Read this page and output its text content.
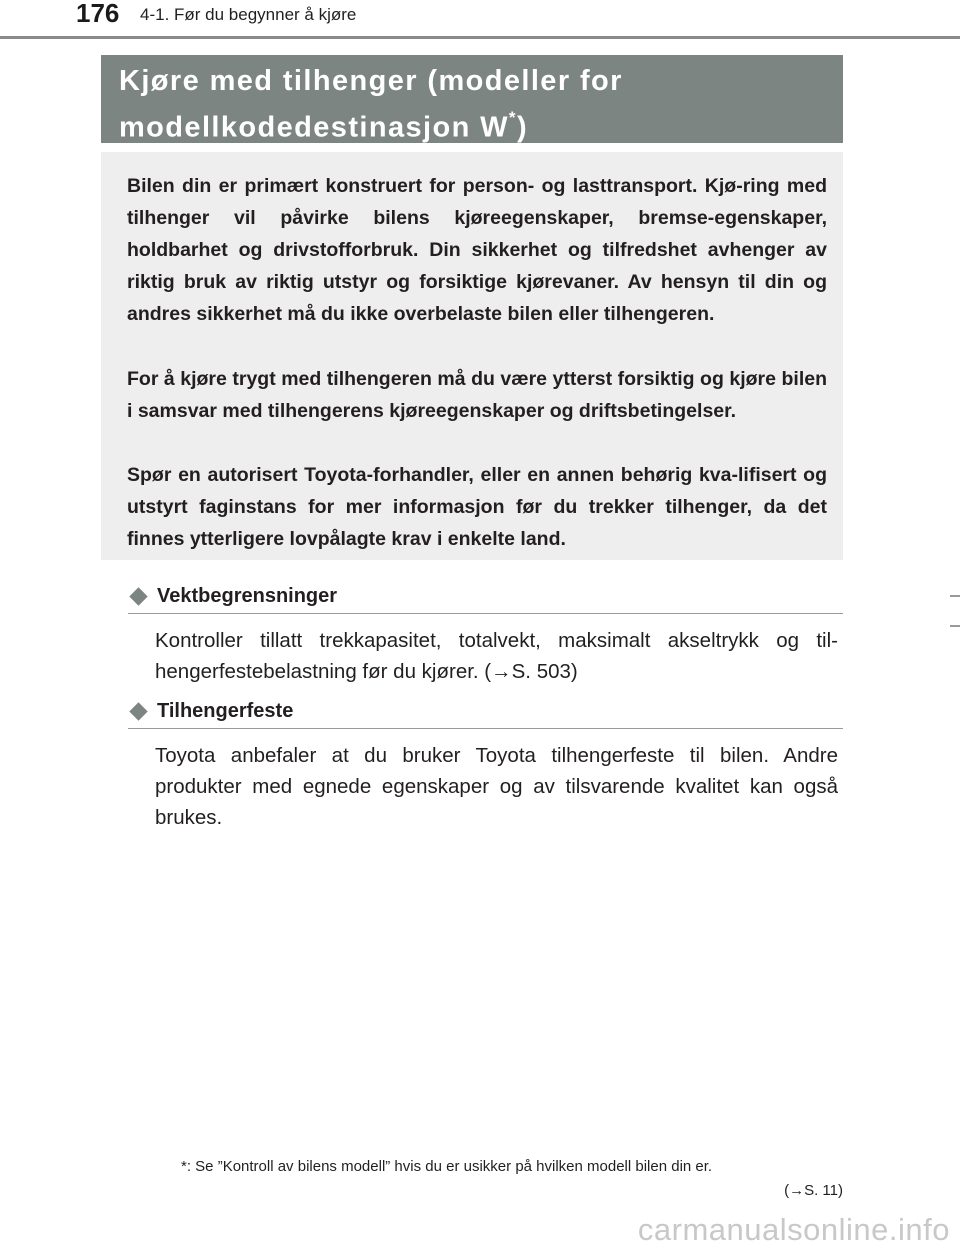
176 4-1. Før du begynner å kjøre
Kjøre med tilhenger (modeller for modellkodedestinasjon W*)

Bilen din er primært konstruert for person- og lasttransport. Kjø-ring med tilhenger vil påvirke bilens kjøreegenskaper, bremse-egenskaper, holdbarhet og drivstofforbruk. Din sikkerhet og tilfredshet avhenger av riktig bruk av riktig utstyr og forsiktige kjørevaner. Av hensyn til din og andres sikkerhet må du ikke overbelaste bilen eller tilhengeren.

For å kjøre trygt med tilhengeren må du være ytterst forsiktig og kjøre bilen i samsvar med tilhengerens kjøreegenskaper og driftsbetingelser.

Spør en autorisert Toyota-forhandler, eller en annen behørig kva-lifisert og utstyrt faginstans for mer informasjon før du trekker tilhenger, da det finnes ytterligere lovpålagte krav i enkelte land.

Vektbegrensninger

Kontroller tillatt trekkapasitet, totalvekt, maksimalt akseltrykk og til-hengerfestebelastning før du kjører. (→S. 503)

Tilhengerfeste

Toyota anbefaler at du bruker Toyota tilhengerfeste til bilen. Andre produkter med egnede egenskaper og av tilsvarende kvalitet kan også brukes.

*: Se ”Kontroll av bilens modell” hvis du er usikker på hvilken modell bilen din er.
(→S. 11)

carmanualsonline.info
